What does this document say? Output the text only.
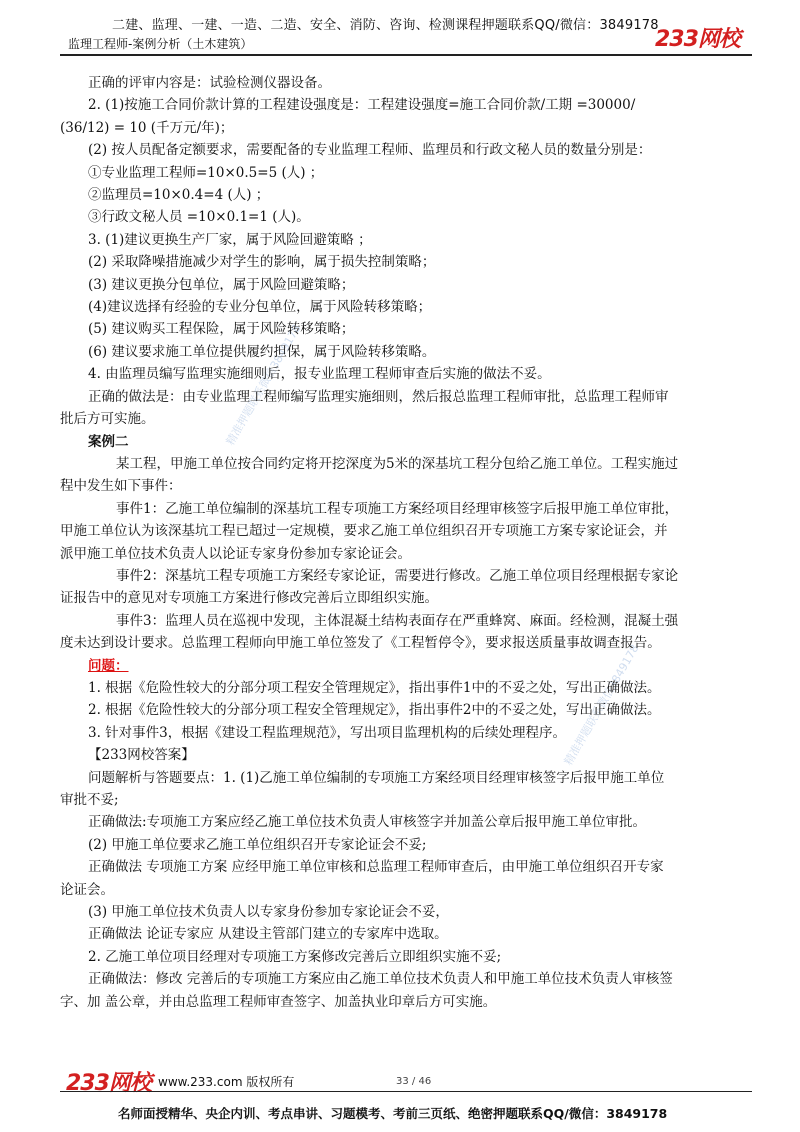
二建、监理、一建、一造、二造、安全、消防、咨询、检测课程押题联系QQ/微信：3849178
监理工程师-案例分析（土木建筑）	233网校
精准押题联系微信3849178
精准押题联系微信3849178

正确的评审内容是：试验检测仪器设备。

2. (1)按施工合同价款计算的工程建设强度是：工程建设强度=施工合同价款/工期 =30000/

(36/12) = 10 (千万元/年)；

(2) 按人员配备定额要求，需要配备的专业监理工程师、监理员和行政文秘人员的数量分别是：

①专业监理工程师=10×0.5=5 (人) ；

②监理员=10×0.4=4 (人) ；

③行政文秘人员 =10×0.1=1 (人)。

3. (1)建议更换生产厂家，属于风险回避策略 ；

(2) 采取降噪措施减少对学生的影响，属于损失控制策略；

(3) 建议更换分包单位，属于风险回避策略；

(4)建议选择有经验的专业分包单位，属于风险转移策略；

(5) 建议购买工程保险，属于风险转移策略；

(6) 建议要求施工单位提供履约担保，属于风险转移策略。

4. 由监理员编写监理实施细则后，报专业监理工程师审查后实施的做法不妥。

正确的做法是：由专业监理工程师编写监理实施细则，然后报总监理工程师审批，总监理工程师审

批后方可实施。

案例二

某工程，甲施工单位按合同约定将开挖深度为5米的深基坑工程分包给乙施工单位。工程实施过

程中发生如下事件：

事件1：乙施工单位编制的深基坑工程专项施工方案经项目经理审核签字后报甲施工单位审批，

甲施工单位认为该深基坑工程已超过一定规模，要求乙施工单位组织召开专项施工方案专家论证会，并

派甲施工单位技术负责人以论证专家身份参加专家论证会。

事件2：深基坑工程专项施工方案经专家论证，需要进行修改。乙施工单位项目经理根据专家论

证报告中的意见对专项施工方案进行修改完善后立即组织实施。

事件3：监理人员在巡视中发现，主体混凝土结构表面存在严重蜂窝、麻面。经检测，混凝土强

度未达到设计要求。总监理工程师向甲施工单位签发了《工程暂停令》，要求报送质量事故调查报告。

问题：

1. 根据《危险性较大的分部分项工程安全管理规定》，指出事件1中的不妥之处，写出正确做法。

2. 根据《危险性较大的分部分项工程安全管理规定》，指出事件2中的不妥之处，写出正确做法。

3. 针对事件3，根据《建设工程监理规范》，写出项目监理机构的后续处理程序。

【233网校答案】

问题解析与答题要点：1. (1)乙施工单位编制的专项施工方案经项目经理审核签字后报甲施工单位

审批不妥;

正确做法:专项施工方案应经乙施工单位技术负责人审核签字并加盖公章后报甲施工单位审批。

(2) 甲施工单位要求乙施工单位组织召开专家论证会不妥;

正确做法 专项施工方案 应经甲施工单位审核和总监理工程师审查后，由甲施工单位组织召开专家

论证会。

(3) 甲施工单位技术负责人以专家身份参加专家论证会不妥，

正确做法 论证专家应 从建设主管部门建立的专家库中选取。

2. 乙施工单位项目经理对专项施工方案修改完善后立即组织实施不妥;

正确做法：修改 完善后的专项施工方案应由乙施工单位技术负责人和甲施工单位技术负责人审核签

字、加 盖公章，并由总监理工程师审查签字、加盖执业印章后方可实施。

233网校 www.233.com 版权所有	33 / 46
名师面授精华、央企内训、考点串讲、习题模考、考前三页纸、绝密押题联系QQ/微信：3849178
